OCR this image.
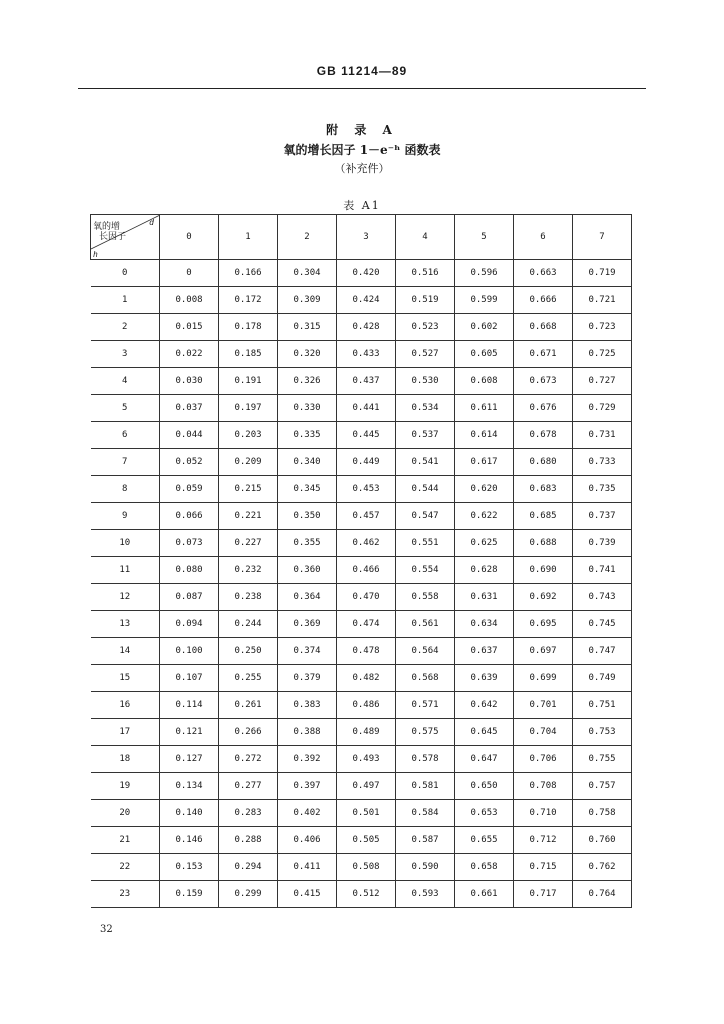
GB 11214—89
附 录 A
氧的增长因子 1－e⁻ʰ 函数表
（补充件）
表 A1
氧的增
长因子
d
h	0	1	2	3	4	5	6	7
0	0	0.166	0.304	0.420	0.516	0.596	0.663	0.719
1	0.008	0.172	0.309	0.424	0.519	0.599	0.666	0.721
2	0.015	0.178	0.315	0.428	0.523	0.602	0.668	0.723
3	0.022	0.185	0.320	0.433	0.527	0.605	0.671	0.725
4	0.030	0.191	0.326	0.437	0.530	0.608	0.673	0.727
5	0.037	0.197	0.330	0.441	0.534	0.611	0.676	0.729
6	0.044	0.203	0.335	0.445	0.537	0.614	0.678	0.731
7	0.052	0.209	0.340	0.449	0.541	0.617	0.680	0.733
8	0.059	0.215	0.345	0.453	0.544	0.620	0.683	0.735
9	0.066	0.221	0.350	0.457	0.547	0.622	0.685	0.737
10	0.073	0.227	0.355	0.462	0.551	0.625	0.688	0.739
11	0.080	0.232	0.360	0.466	0.554	0.628	0.690	0.741
12	0.087	0.238	0.364	0.470	0.558	0.631	0.692	0.743
13	0.094	0.244	0.369	0.474	0.561	0.634	0.695	0.745
14	0.100	0.250	0.374	0.478	0.564	0.637	0.697	0.747
15	0.107	0.255	0.379	0.482	0.568	0.639	0.699	0.749
16	0.114	0.261	0.383	0.486	0.571	0.642	0.701	0.751
17	0.121	0.266	0.388	0.489	0.575	0.645	0.704	0.753
18	0.127	0.272	0.392	0.493	0.578	0.647	0.706	0.755
19	0.134	0.277	0.397	0.497	0.581	0.650	0.708	0.757
20	0.140	0.283	0.402	0.501	0.584	0.653	0.710	0.758
21	0.146	0.288	0.406	0.505	0.587	0.655	0.712	0.760
22	0.153	0.294	0.411	0.508	0.590	0.658	0.715	0.762
23	0.159	0.299	0.415	0.512	0.593	0.661	0.717	0.764
32
